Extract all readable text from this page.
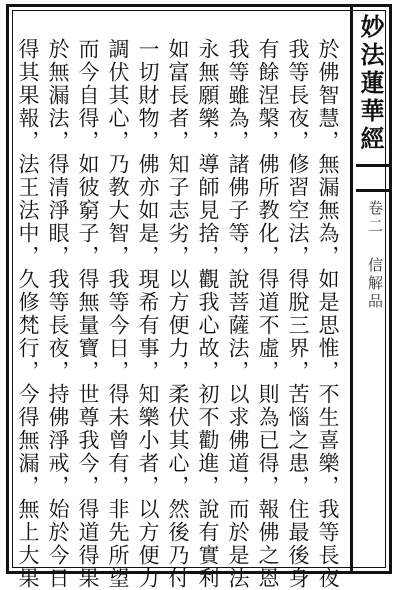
妙法蓮華經
卷二 信解品
於佛智慧，無漏無為，如是思惟，不生喜樂，我等長夜
我等長夜，修習空法，得脫三界，苦惱之患，住最後身
有餘涅槃，佛所教化，得道不虛，則為已得，報佛之恩
我等雖為，諸佛子等，說菩薩法，以求佛道，而於是法
永無願樂，導師見捨，觀我心故，初不勸進，說有實利
如富長者，知子志劣，以方便力，柔伏其心，然後乃付
一切財物，佛亦如是，現希有事，知樂小者，以方便力
調伏其心，乃教大智，我等今日，得未曾有，非先所望
而今自得，如彼窮子，得無量寶，世尊我今，得道得果
於無漏法，得清淨眼，我等長夜，持佛淨戒，始於今日
得其果報，法王法中，久修梵行，今得無漏，無上大果
